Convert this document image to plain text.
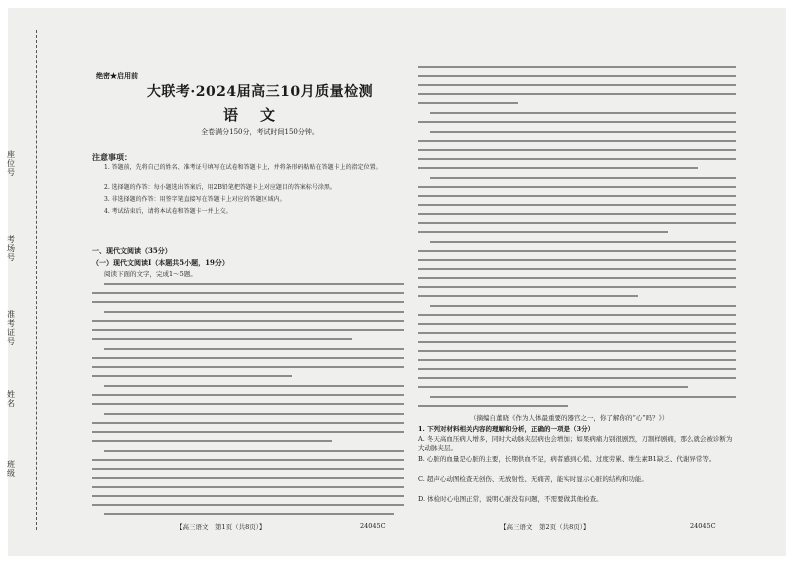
座位号
考场号
准考证号
姓名
班级
绝密★启用前
大联考·2024届高三10月质量检测
语文
全卷满分150分，考试时间150分钟。
注意事项：
1. 答题前，先将自己的姓名、准考证号填写在试卷和答题卡上，并将条形码粘贴在答题卡上的指定位置。
2. 选择题的作答：每小题选出答案后，用2B铅笔把答题卡上对应题目的答案标号涂黑。
3. 非选择题的作答：用签字笔直接写在答题卡上对应的答题区域内。
4. 考试结束后，请将本试卷和答题卡一并上交。
一、现代文阅读（35分）
（一）现代文阅读Ⅰ（本题共5小题，19分）
阅读下面的文字，完成1～5题。
【高三语文　第1页（共8页）】	24045C
（摘编自董晓《作为人体最重要的器官之一，你了解你的“心”吗？》）
1. 下列对材料相关内容的理解和分析，正确的一项是（3分）
A. 冬天高血压病人增多，同时大动脉夹层病也会增加；如果病痛力别很剧烈，刀割样剧痛，那么就会被诊断为大动脉夹层。
B. 心脏的血量是心脏的主要，长期供血不足，病者感到心慌、过度劳累、维生素B1缺乏、代谢异常等。
C. 超声心动图检查无创伤、无放射性、无痛苦，能实时显示心脏的结构和功能。
D. 体检时心电图正常，说明心脏没有问题，不需要做其他检查。
【高三语文　第2页（共8页）】	24045C
